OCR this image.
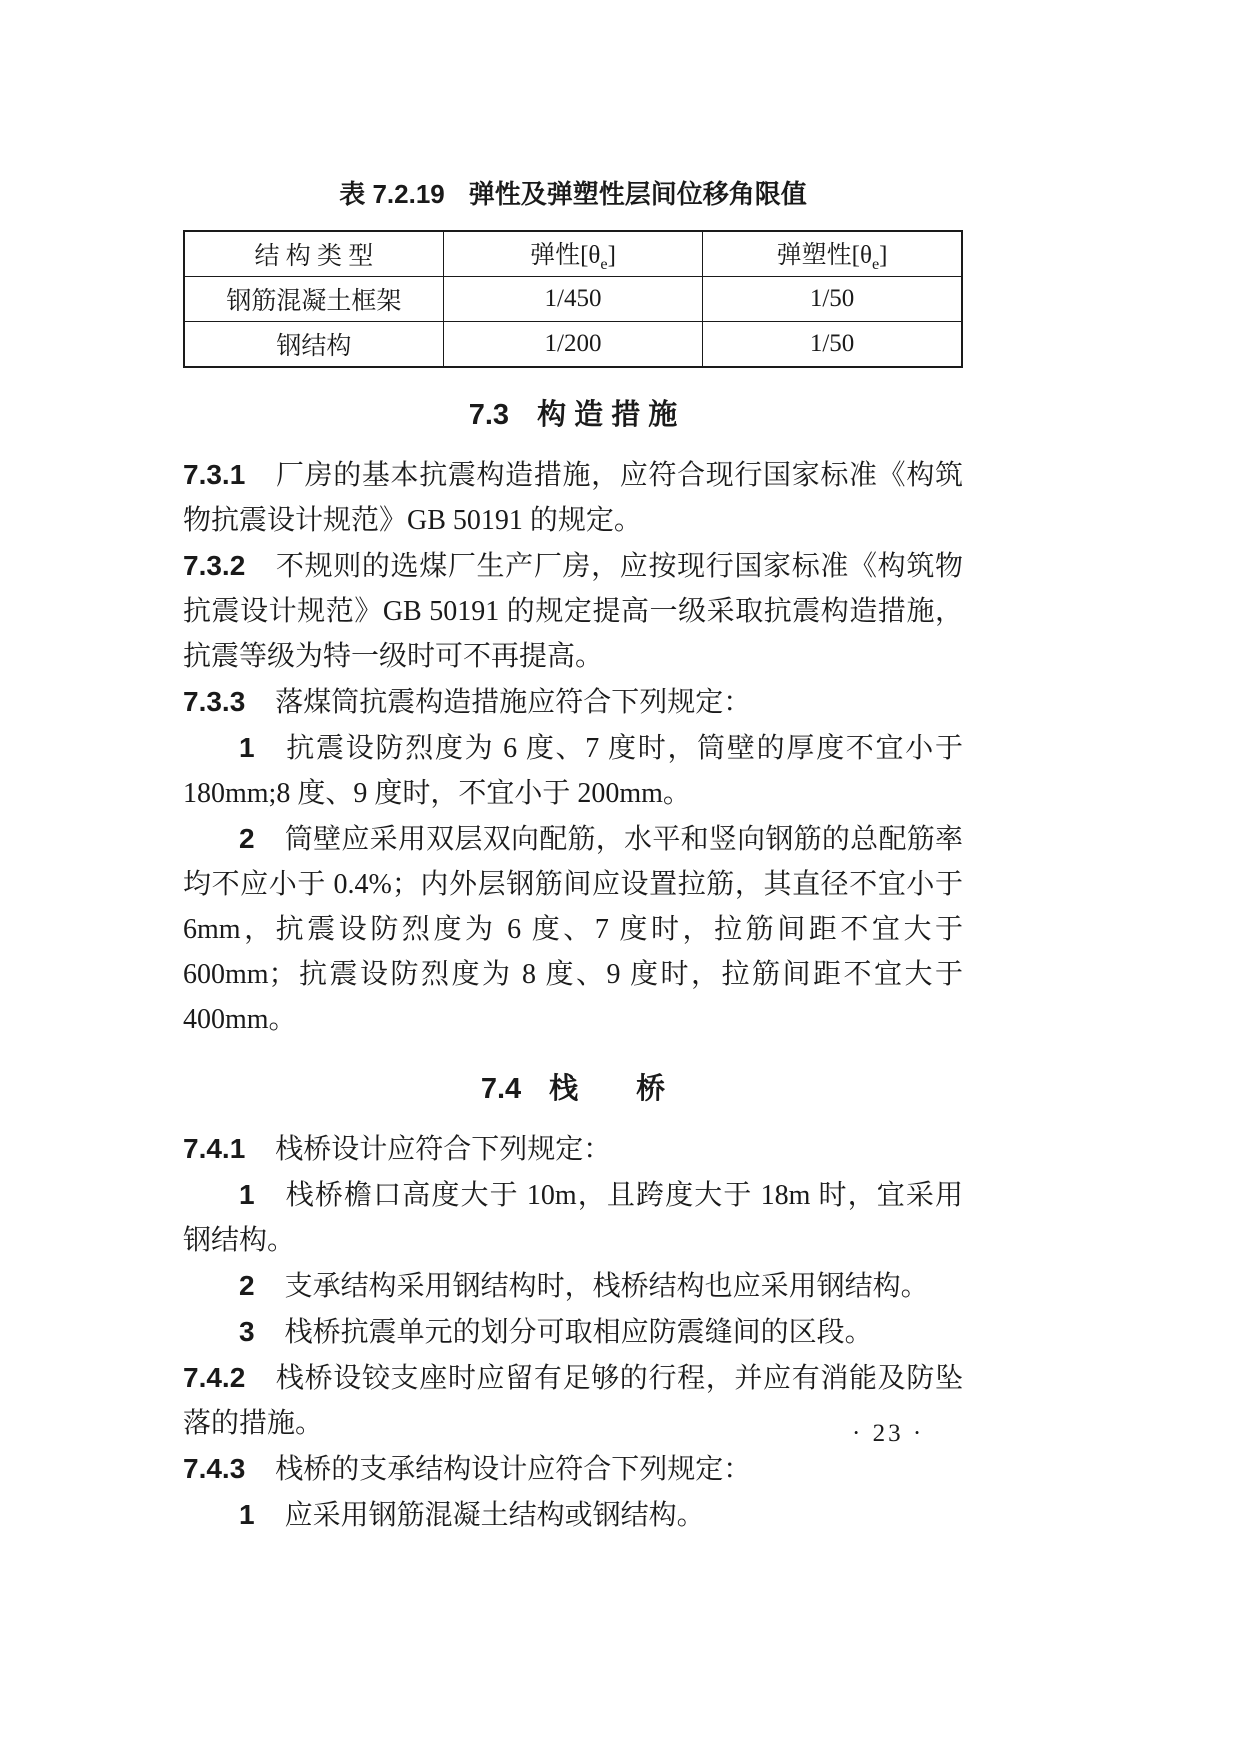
表 7.2.19 弹性及弹塑性层间位移角限值
结 构 类 型	弹性$[\theta_e]$	弹塑性$[\theta_e]$
钢筋混凝土框架	1/450	1/50
钢结构	1/200	1/50
7.3 构 造 措 施

7.3.1 厂房的基本抗震构造措施，应符合现行国家标准《构筑物抗震设计规范》GB 50191 的规定。

7.3.2 不规则的选煤厂生产厂房，应按现行国家标准《构筑物抗震设计规范》GB 50191 的规定提高一级采取抗震构造措施，抗震等级为特一级时可不再提高。

7.3.3 落煤筒抗震构造措施应符合下列规定：

1 抗震设防烈度为 6 度、7 度时，筒壁的厚度不宜小于 180mm;8 度、9 度时，不宜小于 200mm。

2 筒壁应采用双层双向配筋，水平和竖向钢筋的总配筋率均不应小于 0.4%；内外层钢筋间应设置拉筋，其直径不宜小于 6mm，抗震设防烈度为 6 度、7 度时，拉筋间距不宜大于 600mm；抗震设防烈度为 8 度、9 度时，拉筋间距不宜大于 400mm。

7.4 栈　　桥

7.4.1 栈桥设计应符合下列规定：

1 栈桥檐口高度大于 10m，且跨度大于 18m 时，宜采用钢结构。

2 支承结构采用钢结构时，栈桥结构也应采用钢结构。

3 栈桥抗震单元的划分可取相应防震缝间的区段。

7.4.2 栈桥设铰支座时应留有足够的行程，并应有消能及防坠落的措施。

7.4.3 栈桥的支承结构设计应符合下列规定：

1 应采用钢筋混凝土结构或钢结构。

· 23 ·
